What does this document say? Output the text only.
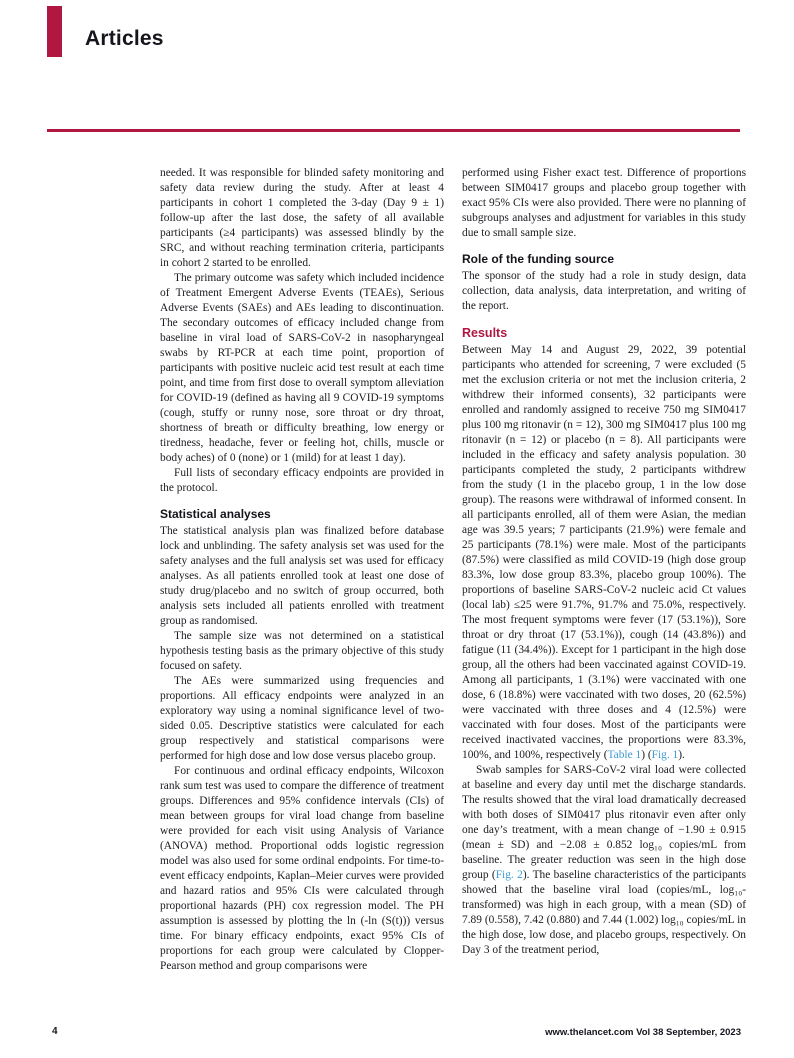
Articles

needed. It was responsible for blinded safety monitoring and safety data review during the study. After at least 4 participants in cohort 1 completed the 3-day (Day 9 ± 1) follow-up after the last dose, the safety of all available participants (≥4 participants) was assessed blindly by the SRC, and without reaching termination criteria, participants in cohort 2 started to be enrolled.

The primary outcome was safety which included incidence of Treatment Emergent Adverse Events (TEAEs), Serious Adverse Events (SAEs) and AEs leading to discontinuation. The secondary outcomes of efficacy included change from baseline in viral load of SARS-CoV-2 in nasopharyngeal swabs by RT-PCR at each time point, proportion of participants with positive nucleic acid test result at each time point, and time from first dose to overall symptom alleviation for COVID-19 (defined as having all 9 COVID-19 symptoms (cough, stuffy or runny nose, sore throat or dry throat, shortness of breath or difficulty breathing, low energy or tiredness, headache, fever or feeling hot, chills, muscle or body aches) of 0 (none) or 1 (mild) for at least 1 day).

Full lists of secondary efficacy endpoints are provided in the protocol.

Statistical analyses

The statistical analysis plan was finalized before database lock and unblinding. The safety analysis set was used for the safety analyses and the full analysis set was used for efficacy analyses. As all patients enrolled took at least one dose of study drug/placebo and no switch of group occurred, both analysis sets included all patients enrolled with treatment group as randomised.

The sample size was not determined on a statistical hypothesis testing basis as the primary objective of this study focused on safety.

The AEs were summarized using frequencies and proportions. All efficacy endpoints were analyzed in an exploratory way using a nominal significance level of two-sided 0.05. Descriptive statistics were calculated for each group respectively and statistical comparisons were performed for high dose and low dose versus placebo group.

For continuous and ordinal efficacy endpoints, Wilcoxon rank sum test was used to compare the difference of treatment groups. Differences and 95% confidence intervals (CIs) of mean between groups for viral load change from baseline were provided for each visit using Analysis of Variance (ANOVA) method. Proportional odds logistic regression model was also used for some ordinal endpoints. For time-to-event efficacy endpoints, Kaplan–Meier curves were provided and hazard ratios and 95% CIs were calculated through proportional hazards (PH) cox regression model. The PH assumption is assessed by plotting the ln (-ln (S(t))) versus time. For binary efficacy endpoints, exact 95% CIs of proportions for each group were calculated by Clopper-Pearson method and group comparisons were

performed using Fisher exact test. Difference of proportions between SIM0417 groups and placebo group together with exact 95% CIs were also provided. There were no planning of subgroups analyses and adjustment for variables in this study due to small sample size.

Role of the funding source

The sponsor of the study had a role in study design, data collection, data analysis, data interpretation, and writing of the report.

Results

Between May 14 and August 29, 2022, 39 potential participants who attended for screening, 7 were excluded (5 met the exclusion criteria or not met the inclusion criteria, 2 withdrew their informed consents), 32 participants were enrolled and randomly assigned to receive 750 mg SIM0417 plus 100 mg ritonavir (n = 12), 300 mg SIM0417 plus 100 mg ritonavir (n = 12) or placebo (n = 8). All participants were included in the efficacy and safety analysis population. 30 participants completed the study, 2 participants withdrew from the study (1 in the placebo group, 1 in the low dose group). The reasons were withdrawal of informed consent. In all participants enrolled, all of them were Asian, the median age was 39.5 years; 7 participants (21.9%) were female and 25 participants (78.1%) were male. Most of the participants (87.5%) were classified as mild COVID-19 (high dose group 83.3%, low dose group 83.3%, placebo group 100%). The proportions of baseline SARS-CoV-2 nucleic acid Ct values (local lab) ≤25 were 91.7%, 91.7% and 75.0%, respectively. The most frequent symptoms were fever (17 (53.1%)), Sore throat or dry throat (17 (53.1%)), cough (14 (43.8%)) and fatigue (11 (34.4%)). Except for 1 participant in the high dose group, all the others had been vaccinated against COVID-19. Among all participants, 1 (3.1%) were vaccinated with one dose, 6 (18.8%) were vaccinated with two doses, 20 (62.5%) were vaccinated with three doses and 4 (12.5%) were vaccinated with four doses. Most of the participants were received inactivated vaccines, the proportions were 83.3%, 100%, and 100%, respectively (Table 1) (Fig. 1).

Swab samples for SARS-CoV-2 viral load were collected at baseline and every day until met the discharge standards. The results showed that the viral load dramatically decreased with both doses of SIM0417 plus ritonavir even after only one day’s treatment, with a mean change of −1.90 ± 0.915 (mean ± SD) and −2.08 ± 0.852 log₁₀ copies/mL from baseline. The greater reduction was seen in the high dose group (Fig. 2). The baseline characteristics of the participants showed that the baseline viral load (copies/mL, log₁₀-transformed) was high in each group, with a mean (SD) of 7.89 (0.558), 7.42 (0.880) and 7.44 (1.002) log₁₀ copies/mL in the high dose, low dose, and placebo groups, respectively. On Day 3 of the treatment period,

4	www.thelancet.com Vol 38 September, 2023
